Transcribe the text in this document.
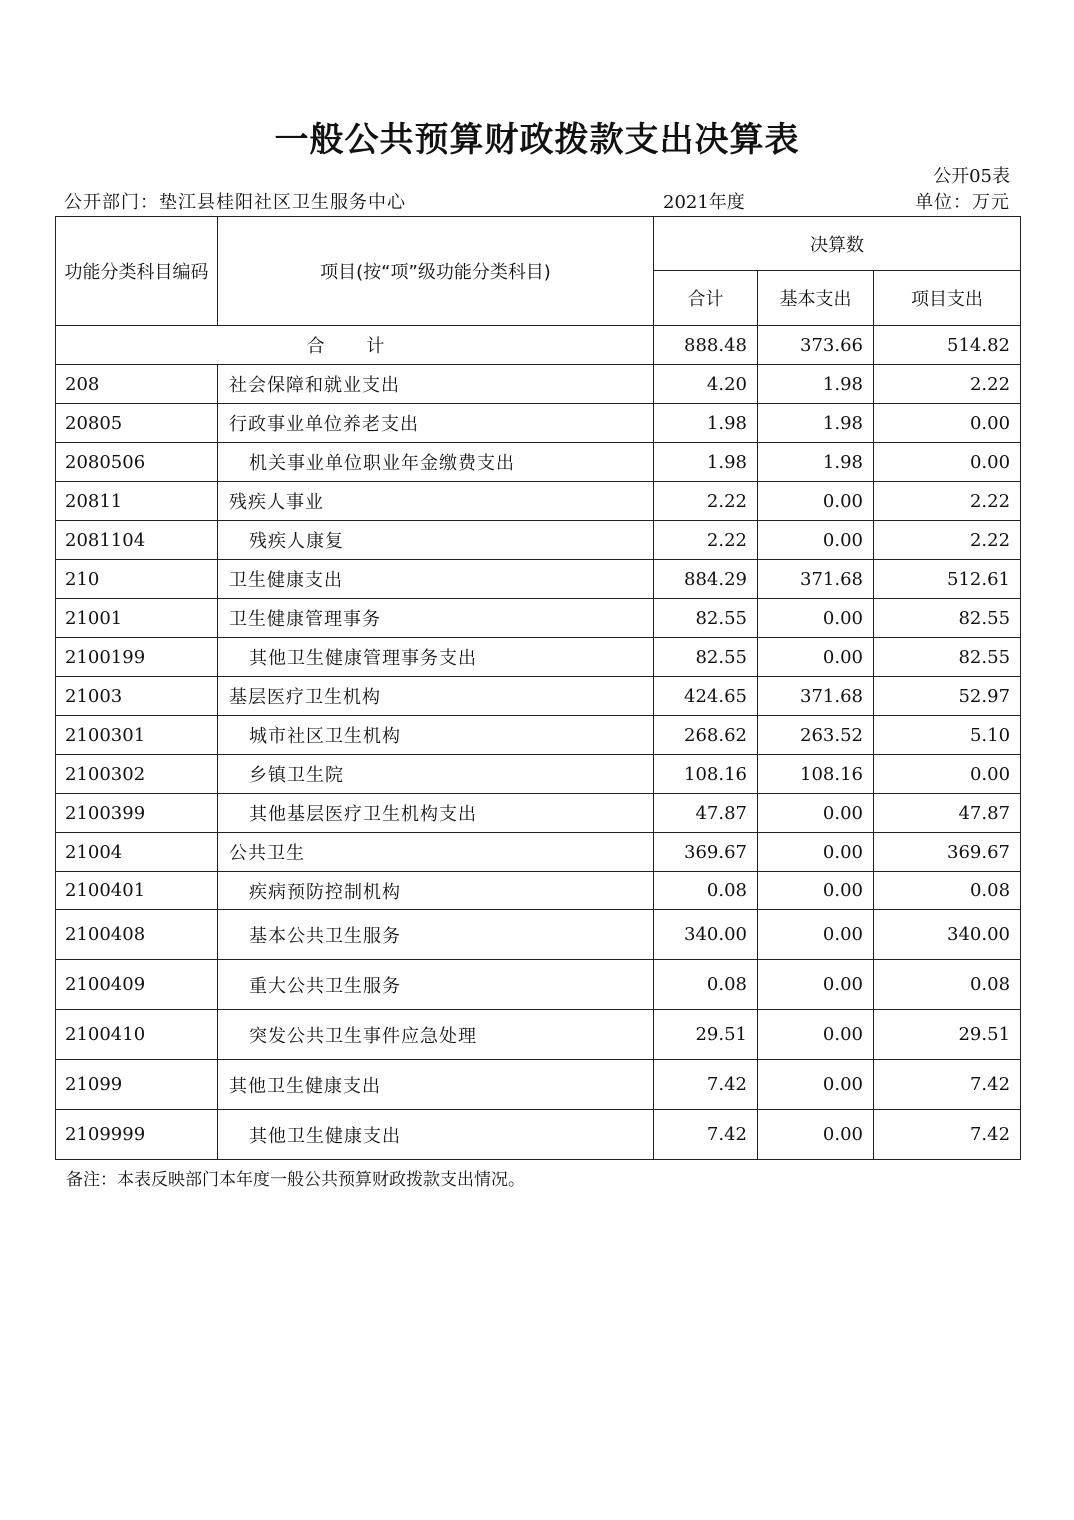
一般公共预算财政拨款支出决算表
公开05表
公开部门：垫江县桂阳社区卫生服务中心	2021年度	单位：万元
功能分类科目编码	项目(按“项”级功能分类科目)	决算数		
		合计	基本支出	项目支出
合 计		888.48	373.66	514.82
208	社会保障和就业支出	4.20	1.98	2.22
20805	行政事业单位养老支出	1.98	1.98	0.00
2080506	机关事业单位职业年金缴费支出	1.98	1.98	0.00
20811	残疾人事业	2.22	0.00	2.22
2081104	残疾人康复	2.22	0.00	2.22
210	卫生健康支出	884.29	371.68	512.61
21001	卫生健康管理事务	82.55	0.00	82.55
2100199	其他卫生健康管理事务支出	82.55	0.00	82.55
21003	基层医疗卫生机构	424.65	371.68	52.97
2100301	城市社区卫生机构	268.62	263.52	5.10
2100302	乡镇卫生院	108.16	108.16	0.00
2100399	其他基层医疗卫生机构支出	47.87	0.00	47.87
21004	公共卫生	369.67	0.00	369.67
2100401	疾病预防控制机构	0.08	0.00	0.08
2100408	基本公共卫生服务	340.00	0.00	340.00
2100409	重大公共卫生服务	0.08	0.00	0.08
2100410	突发公共卫生事件应急处理	29.51	0.00	29.51
21099	其他卫生健康支出	7.42	0.00	7.42
2109999	其他卫生健康支出	7.42	0.00	7.42
备注：本表反映部门本年度一般公共预算财政拨款支出情况。
